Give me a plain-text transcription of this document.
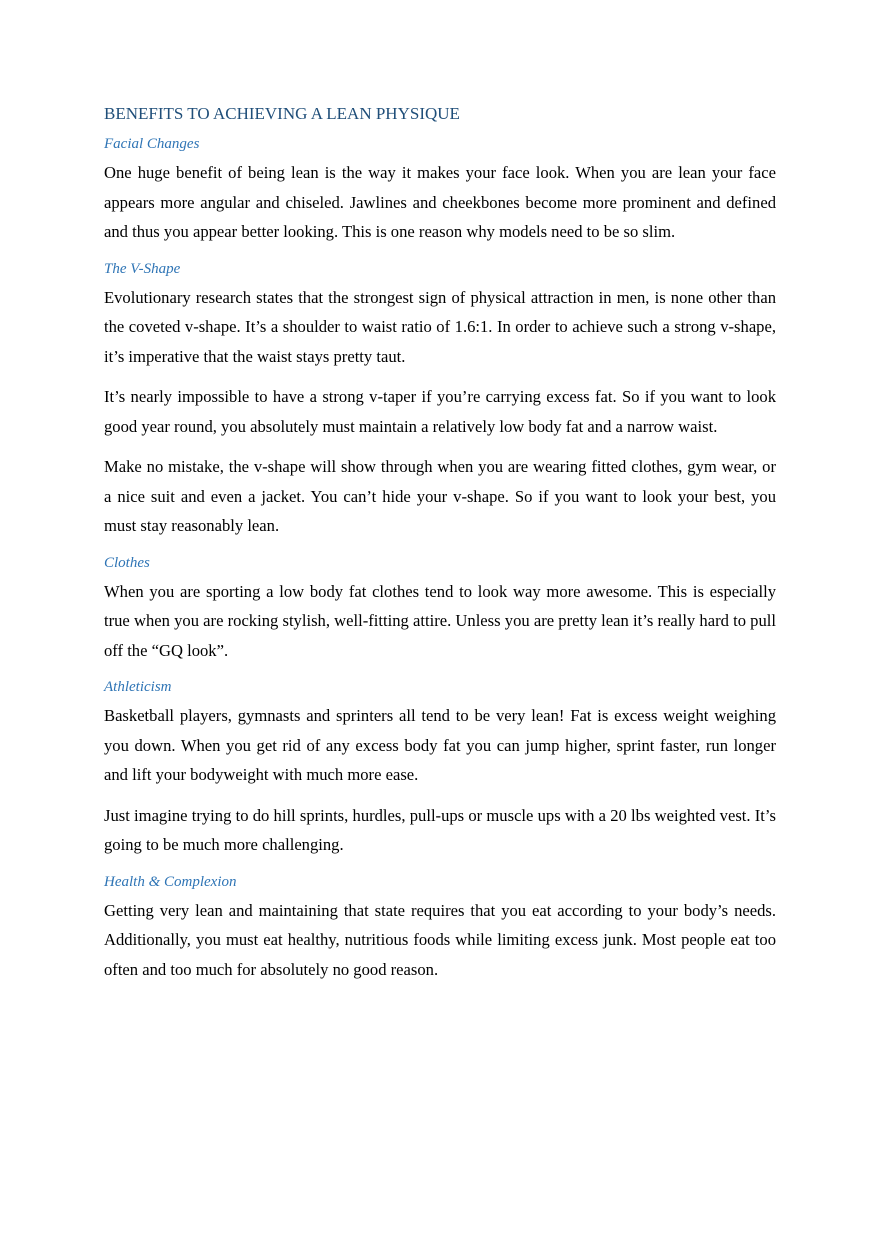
BENEFITS TO ACHIEVING A LEAN PHYSIQUE
Facial Changes

One huge benefit of being lean is the way it makes your face look. When you are lean your face appears more angular and chiseled. Jawlines and cheekbones become more prominent and defined and thus you appear better looking. This is one reason why models need to be so slim.

The V-Shape

Evolutionary research states that the strongest sign of physical attraction in men, is none other than the coveted v-shape. It’s a shoulder to waist ratio of 1.6:1. In order to achieve such a strong v-shape, it’s imperative that the waist stays pretty taut.

It’s nearly impossible to have a strong v-taper if you’re carrying excess fat. So if you want to look good year round, you absolutely must maintain a relatively low body fat and a narrow waist.

Make no mistake, the v-shape will show through when you are wearing fitted clothes, gym wear, or a nice suit and even a jacket. You can’t hide your v-shape. So if you want to look your best, you must stay reasonably lean.

Clothes

When you are sporting a low body fat clothes tend to look way more awesome. This is especially true when you are rocking stylish, well-fitting attire. Unless you are pretty lean it’s really hard to pull off the “GQ look”.

Athleticism

Basketball players, gymnasts and sprinters all tend to be very lean! Fat is excess weight weighing you down. When you get rid of any excess body fat you can jump higher, sprint faster, run longer and lift your bodyweight with much more ease.

Just imagine trying to do hill sprints, hurdles, pull-ups or muscle ups with a 20 lbs weighted vest. It’s going to be much more challenging.

Health & Complexion

Getting very lean and maintaining that state requires that you eat according to your body’s needs. Additionally, you must eat healthy, nutritious foods while limiting excess junk. Most people eat too often and too much for absolutely no good reason.
